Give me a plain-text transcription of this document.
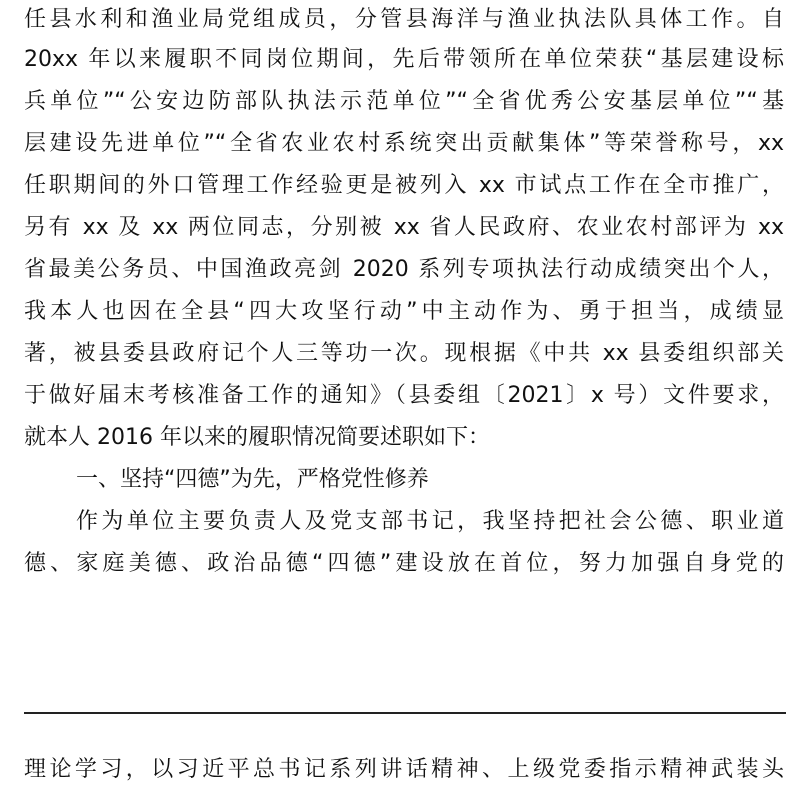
任县水利和渔业局党组成员，分管县海洋与渔业执法队具体工作。自
20xx 年以来履职不同岗位期间，先后带领所在单位荣获“基层建设标
兵单位”“公安边防部队执法示范单位”“全省优秀公安基层单位”“基
层建设先进单位”“全省农业农村系统突出贡献集体”等荣誉称号，xx
任职期间的外口管理工作经验更是被列入 xx 市试点工作在全市推广，
另有 xx 及 xx 两位同志，分别被 xx 省人民政府、农业农村部评为 xx
省最美公务员、中国渔政亮剑 2020 系列专项执法行动成绩突出个人，
我本人也因在全县“四大攻坚行动”中主动作为、勇于担当，成绩显
著，被县委县政府记个人三等功一次。现根据《中共 xx 县委组织部关
于做好届末考核准备工作的通知》（县委组〔2021〕x 号）文件要求，
就本人 2016 年以来的履职情况简要述职如下：
一、坚持“四德”为先，严格党性修养
作为单位主要负责人及党支部书记，我坚持把社会公德、职业道
德、家庭美德、政治品德“四德”建设放在首位，努力加强自身党的
理论学习，以习近平总书记系列讲话精神、上级党委指示精神武装头
